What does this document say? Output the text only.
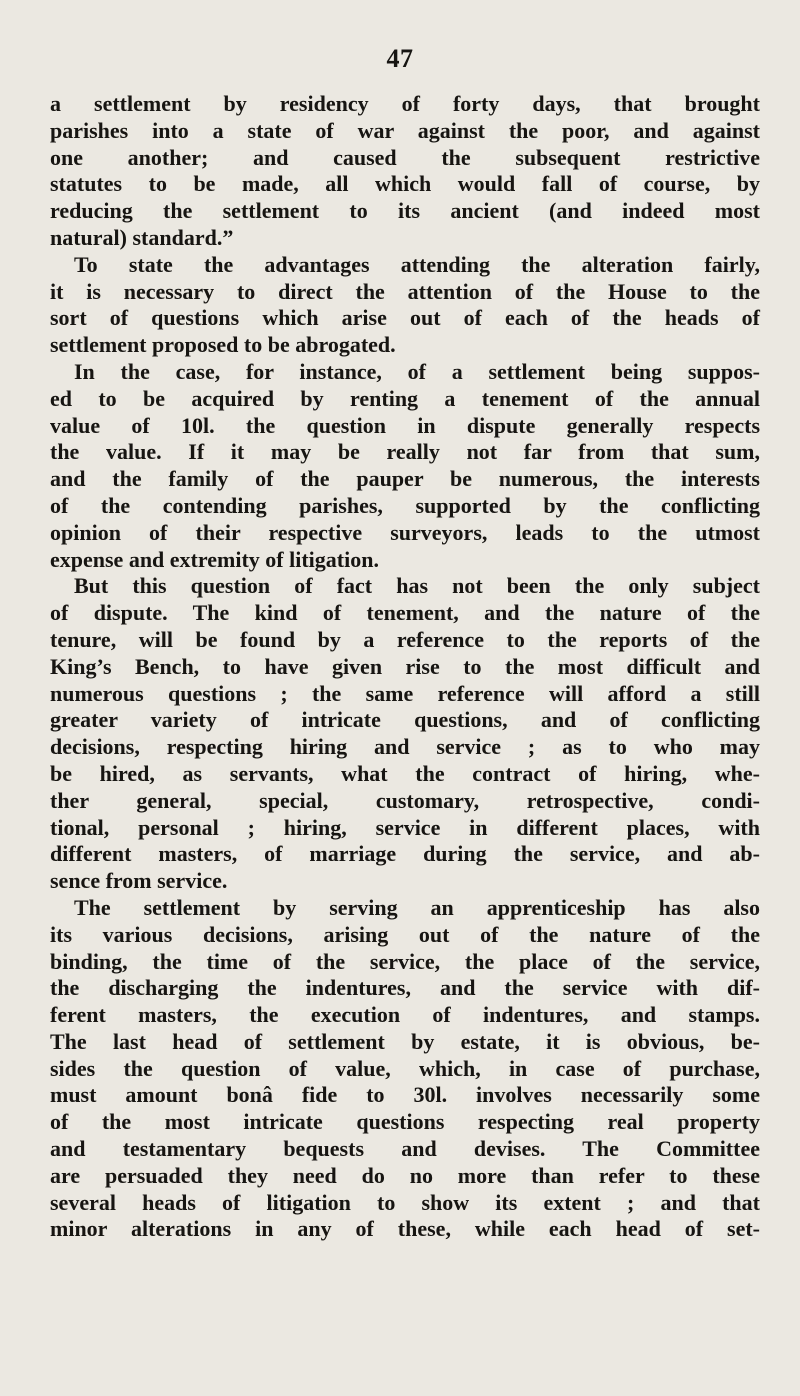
47
a settlement by residency of forty days, that brought
parishes into a state of war against the poor, and against
one another; and caused the subsequent restrictive
statutes to be made, all which would fall of course, by
reducing the settlement to its ancient (and indeed most
natural) standard.”
To state the advantages attending the alteration fairly,
it is necessary to direct the attention of the House to the
sort of questions which arise out of each of the heads of
settlement proposed to be abrogated.
In the case, for instance, of a settlement being suppos-
ed to be acquired by renting a tenement of the annual
value of 10l. the question in dispute generally respects
the value. If it may be really not far from that sum,
and the family of the pauper be numerous, the interests
of the contending parishes, supported by the conflicting
opinion of their respective surveyors, leads to the utmost
expense and extremity of litigation.
But this question of fact has not been the only subject
of dispute. The kind of tenement, and the nature of the
tenure, will be found by a reference to the reports of the
King’s Bench, to have given rise to the most difficult and
numerous questions ; the same reference will afford a still
greater variety of intricate questions, and of conflicting
decisions, respecting hiring and service ; as to who may
be hired, as servants, what the contract of hiring, whe-
ther general, special, customary, retrospective, condi-
tional, personal ; hiring, service in different places, with
different masters, of marriage during the service, and ab-
sence from service.
The settlement by serving an apprenticeship has also
its various decisions, arising out of the nature of the
binding, the time of the service, the place of the service,
the discharging the indentures, and the service with dif-
ferent masters, the execution of indentures, and stamps.
The last head of settlement by estate, it is obvious, be-
sides the question of value, which, in case of purchase,
must amount bonâ fide to 30l. involves necessarily some
of the most intricate questions respecting real property
and testamentary bequests and devises. The Committee
are persuaded they need do no more than refer to these
several heads of litigation to show its extent ; and that
minor alterations in any of these, while each head of set-
